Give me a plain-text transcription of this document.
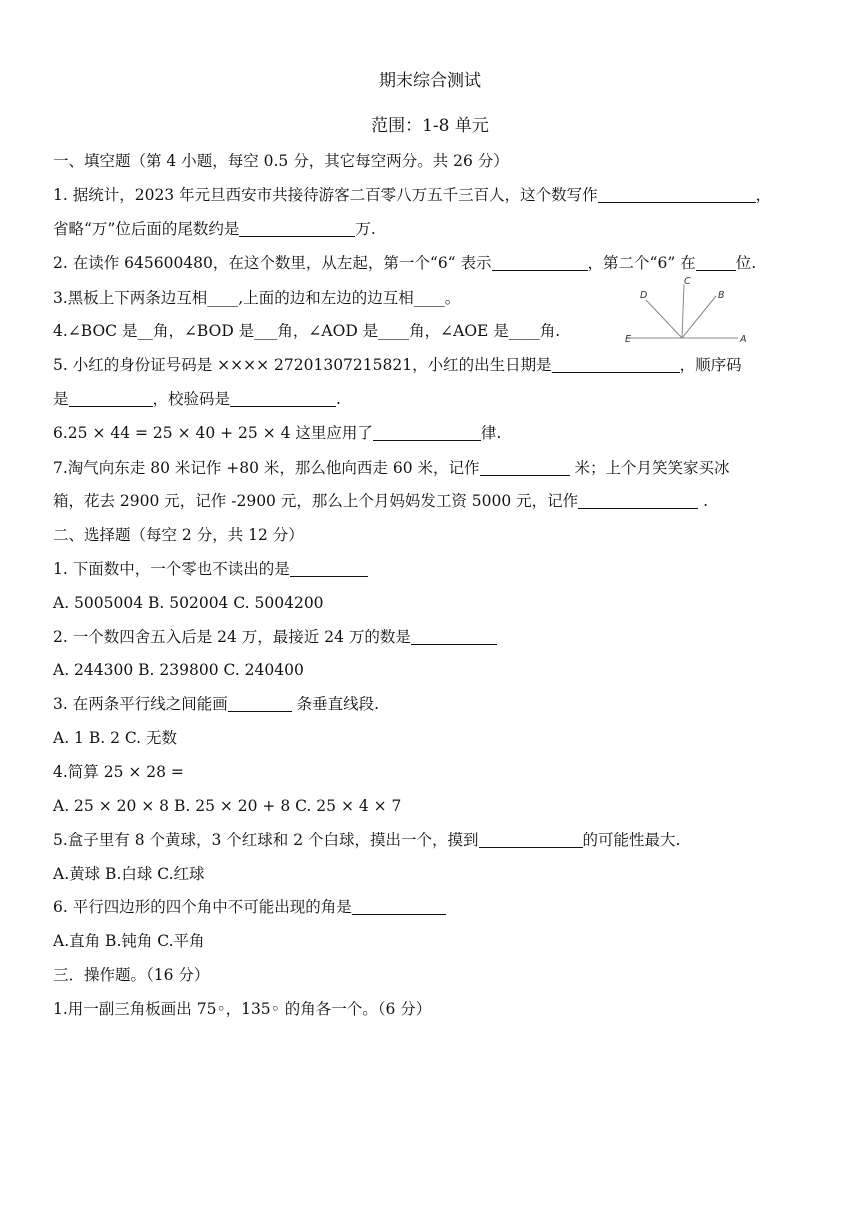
期末综合测试
范围：1-8 单元
一、填空题（第 4 小题，每空 0.5 分，其它每空两分。共 26 分）
1. 据统计，2023 年元旦西安市共接待游客二百零八万五千三百人，这个数写作	，
省略“万”位后面的尾数约是	万.
2. 在读作 645600480，在这个数里，从左起，第一个“6“ 表示	，第二个“6” 在	位.
3.黑板上下两条边互相____,上面的边和左边的边互相____。
4.∠BOC 是__角，∠BOD 是___角，∠AOD 是____角，∠AOE 是____角.	A
B
C
D
E
5. 小红的身份证号码是 ×××× 27201307215821，小红的出生日期是	，顺序码
是	，校验码是	.
6.25 × 44 = 25 × 40 + 25 × 4 这里应用了	律.
7.淘气向东走 80 米记作 +80 米，那么他向西走 60 米，记作	米；上个月笑笑家买冰
箱，花去 2900 元，记作 -2900 元，那么上个月妈妈发工资 5000 元，记作	.
二、选择题（每空 2 分，共 12 分）
1. 下面数中，一个零也不读出的是
A. 5005004 B. 502004 C. 5004200
2. 一个数四舍五入后是 24 万，最接近 24 万的数是
A. 244300 B. 239800 C. 240400
3. 在两条平行线之间能画	条垂直线段.
A. 1 B. 2 C. 无数
4.简算 25 × 28 =
A. 25 × 20 × 8 B. 25 × 20 + 8 C. 25 × 4 × 7
5.盒子里有 8 个黄球，3 个红球和 2 个白球，摸出一个，摸到	的可能性最大.
A.黄球 B.白球 C.红球
6. 平行四边形的四个角中不可能出现的角是
A.直角 B.钝角 C.平角
三．操作题。（16 分）
1.用一副三角板画出 75◦，135◦ 的角各一个。（6 分）
